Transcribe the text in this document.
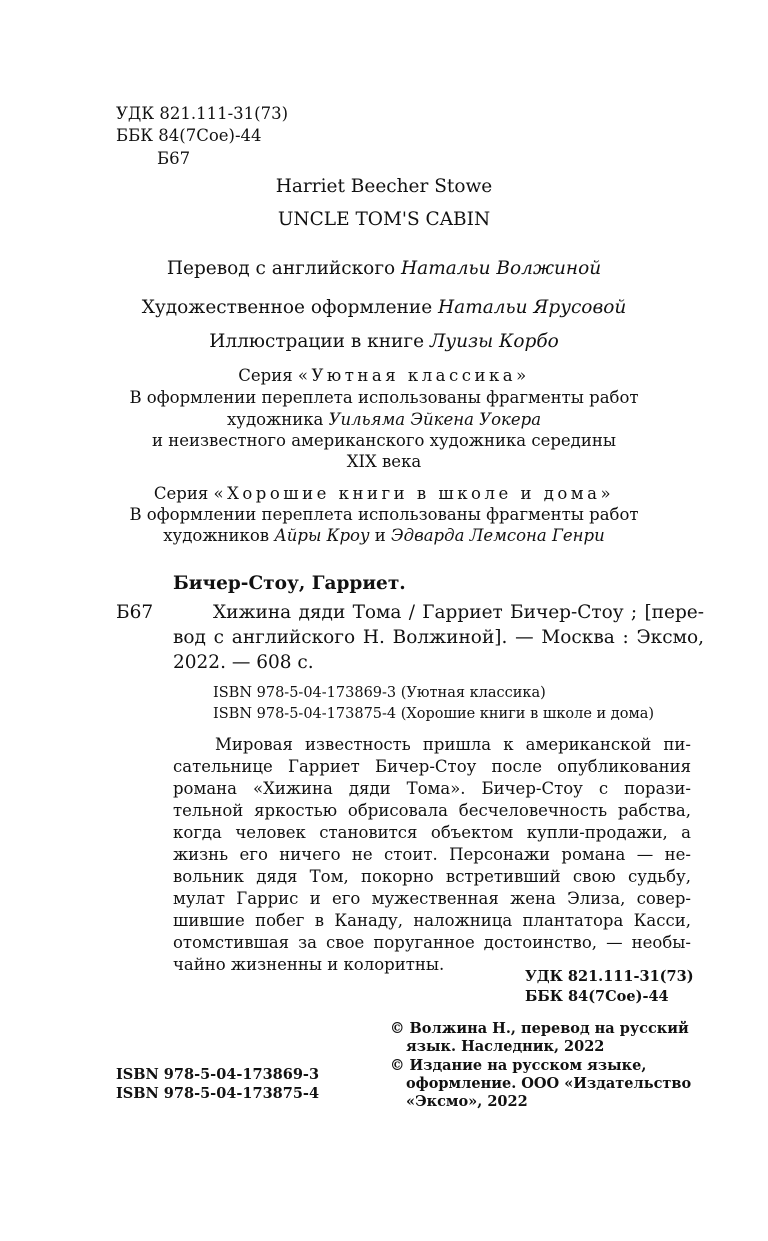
УДК 821.111-31(73)
ББК 84(7Сое)-44
Б67
Harriet Beecher Stowe
UNCLE TOM'S CABIN
Перевод с английского Натальи Волжиной
Художественное оформление Натальи Ярусовой
Иллюстрации в книге Луизы Корбо
Серия «Уютная классика»
В оформлении переплета использованы фрагменты работ
художника Уильяма Эйкена Уокера
и неизвестного американского художника середины
XIX века
Серия «Хорошие книги в школе и дома»
В оформлении переплета использованы фрагменты работ
художников Айры Кроу и Эдварда Лемсона Генри
Бичер-Стоу, Гарриет.
Б67	Хижина дяди Тома / Гарриет Бичер-Стоу ; [пере-
вод с английского Н. Волжиной]. — Москва : Эксмо,
2022. — 608 с.
ISBN 978-5-04-173869-3 (Уютная классика)
ISBN 978-5-04-173875-4 (Хорошие книги в школе и дома)
Мировая известность пришла к американской пи-
сательнице Гарриет Бичер-Стоу после опубликования
романа «Хижина дяди Тома». Бичер-Стоу с порази-
тельной яркостью обрисовала бесчеловечность рабства,
когда человек становится объектом купли-продажи, а
жизнь его ничего не стоит. Персонажи романа — не-
вольник дядя Том, покорно встретивший свою судьбу,
мулат Гаррис и его мужественная жена Элиза, совер-
шившие побег в Канаду, наложница плантатора Касси,
отомстившая за свое поруганное достоинство, — необы-
чайно жизненны и колоритны.
УДК 821.111-31(73)
ББК 84(7Сое)-44
© Волжина Н., перевод на русский
язык. Наследник, 2022
© Издание на русском языке,
оформление. ООО «Издательство
«Эксмо», 2022
ISBN 978-5-04-173869-3
ISBN 978-5-04-173875-4
